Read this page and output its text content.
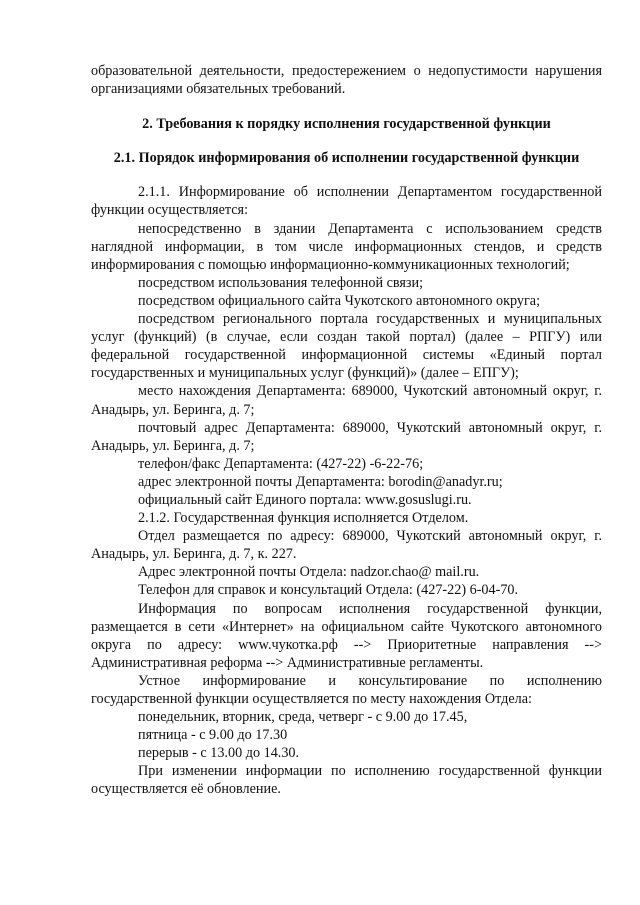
образовательной деятельности, предостережением о недопустимости нарушения организациями обязательных требований.

2. Требования к порядку исполнения государственной функции

2.1. Порядок информирования об исполнении государственной функции

2.1.1. Информирование об исполнении Департаментом государственной функции осуществляется:

непосредственно в здании Департамента с использованием средств наглядной информации, в том числе информационных стендов, и средств информирования с помощью информационно-коммуникационных технологий;

посредством использования телефонной связи;

посредством официального сайта Чукотского автономного округа;

посредством регионального портала государственных и муниципальных услуг (функций) (в случае, если создан такой портал) (далее – РПГУ) или федеральной государственной информационной системы «Единый портал государственных и муниципальных услуг (функций)» (далее – ЕПГУ);

место нахождения Департамента: 689000, Чукотский автономный округ, г. Анадырь, ул. Беринга, д. 7;

почтовый адрес Департамента: 689000, Чукотский автономный округ, г. Анадырь, ул. Беринга, д. 7;

телефон/факс Департамента: (427-22) -6-22-76;

адрес электронной почты Департамента: borodin@anadyr.ru;

официальный сайт Единого портала: www.gosuslugi.ru.

2.1.2. Государственная функция исполняется Отделом.

Отдел размещается по адресу: 689000, Чукотский автономный округ, г. Анадырь, ул. Беринга, д. 7, к. 227.

Адрес электронной почты Отдела: nadzor.chao@ mail.ru.

Телефон для справок и консультаций Отдела: (427-22) 6-04-70.

Информация по вопросам исполнения государственной функции, размещается в сети «Интернет» на официальном сайте Чукотского автономного округа по адресу: www.чукотка.рф --> Приоритетные направления --> Административная реформа --> Административные регламенты.

Устное информирование и консультирование по исполнению государственной функции осуществляется по месту нахождения Отдела:

понедельник, вторник, среда, четверг - с 9.00 до 17.45,

пятница - с 9.00 до 17.30

перерыв - с 13.00 до 14.30.

При изменении информации по исполнению государственной функции осуществляется её обновление.
